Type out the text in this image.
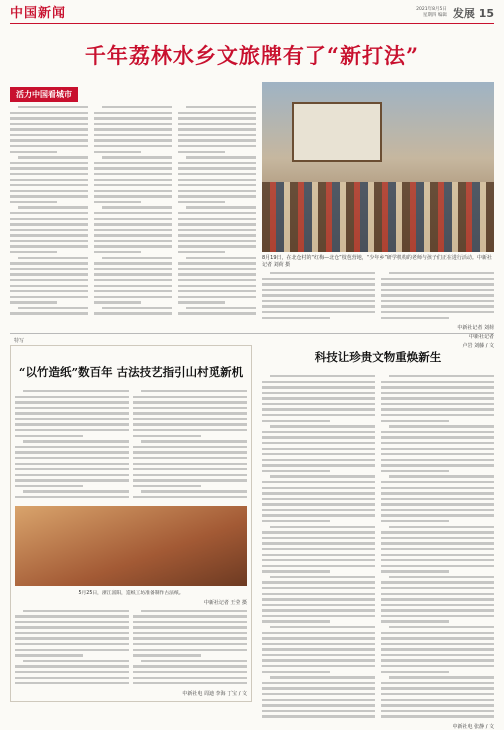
中国新闻	2021年8月5日
星期四 编辑 发展 15
千年荔林水乡文旅牌有了“新打法”
活力中国看城市
8月19日，在北仓村的“红梅—北仓”枝苞营地，“少年乡”研学机构的老师与孩子们正在进行活动。中新社记者 刘荷 摄
中新社记者 刘荷
中新社记者
卢岩 刘藤 / 文
特写
“以竹造纸”数百年 古法技艺指引山村觅新机
5月25日，浙江富阳，造纸工坊准备制作古法纸。
中新社记者 王莹 摄
中新社电 周迪 李海 丁宝 / 文
科技让珍贵文物重焕新生
中新社电 张静 / 文
